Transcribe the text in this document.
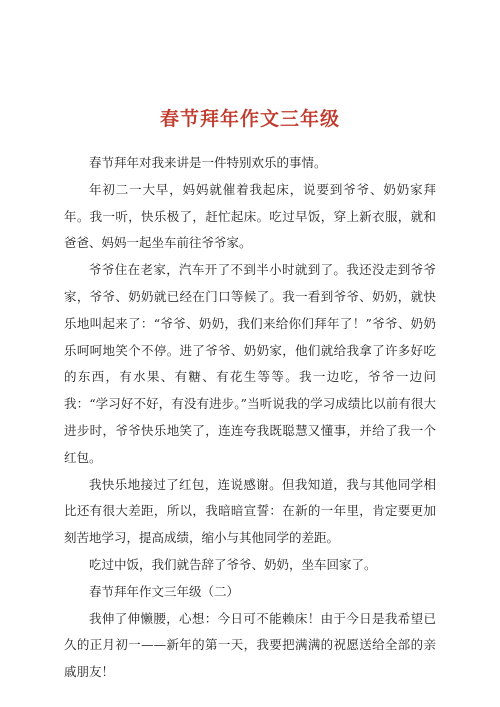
春节拜年作文三年级

春节拜年对我来讲是一件特别欢乐的事情。

年初二一大早，妈妈就催着我起床，说要到爷爷、奶奶家拜年。我一听，快乐极了，赶忙起床。吃过早饭，穿上新衣服，就和爸爸、妈妈一起坐车前往爷爷家。

爷爷住在老家，汽车开了不到半小时就到了。我还没走到爷爷家，爷爷、奶奶就已经在门口等候了。我一看到爷爷、奶奶，就快乐地叫起来了：“爷爷、奶奶，我们来给你们拜年了！”爷爷、奶奶乐呵呵地笑个不停。进了爷爷、奶奶家，他们就给我拿了许多好吃的东西，有水果、有糖、有花生等等。我一边吃，爷爷一边问我：“学习好不好，有没有进步。”当听说我的学习成绩比以前有很大进步时，爷爷快乐地笑了，连连夸我既聪慧又懂事，并给了我一个红包。

我快乐地接过了红包，连说感谢。但我知道，我与其他同学相比还有很大差距，所以，我暗暗宣誓：在新的一年里，肯定要更加刻苦地学习，提高成绩，缩小与其他同学的差距。

吃过中饭，我们就告辞了爷爷、奶奶，坐车回家了。

春节拜年作文三年级（二）

我伸了伸懒腰，心想：今日可不能赖床！由于今日是我希望已久的正月初一——新年的第一天，我要把满满的祝愿送给全部的亲戚朋友！
